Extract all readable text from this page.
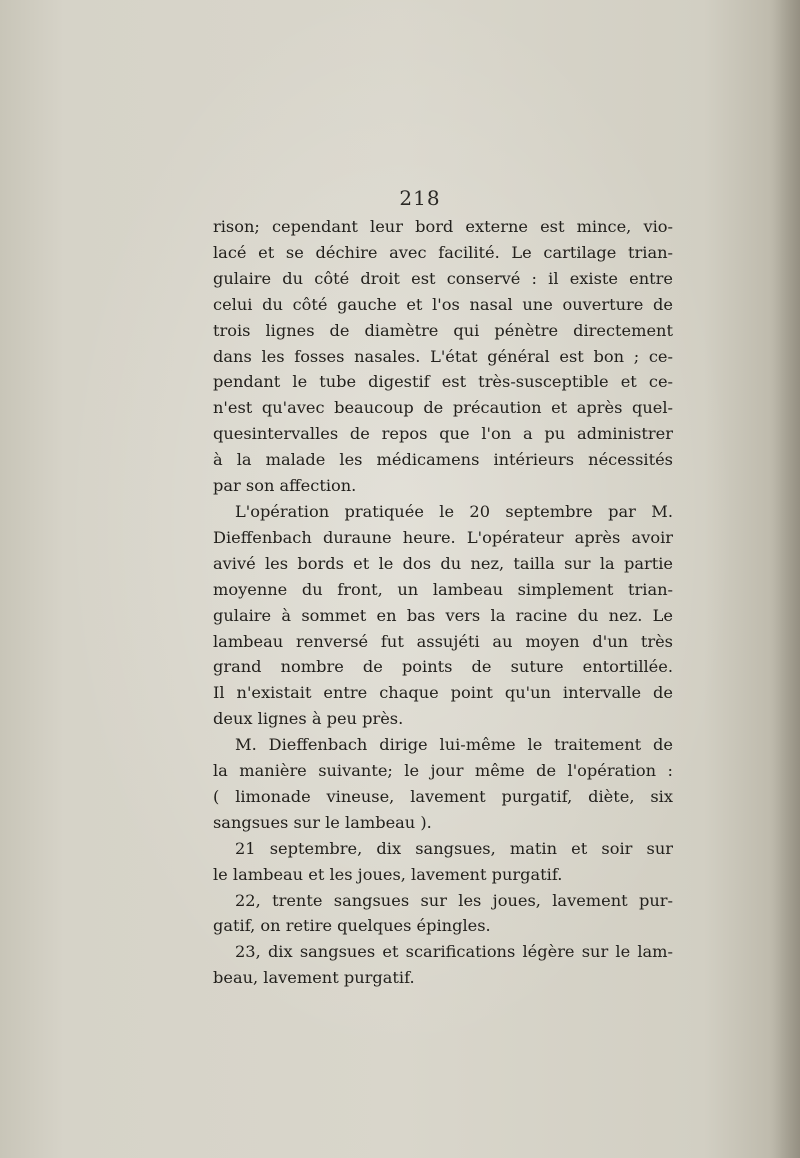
218
rison; cependant leur bord externe est mince, vio-
lacé et se déchire avec facilité. Le cartilage trian-
gulaire du côté droit est conservé : il existe entre
celui du côté gauche et l'os nasal une ouverture de
trois lignes de diamètre qui pénètre directement
dans les fosses nasales. L'état général est bon ; ce-
pendant le tube digestif est très-susceptible et ce-
n'est qu'avec beaucoup de précaution et après quel-
quesintervalles de repos que l'on a pu administrer
à la malade les médicamens intérieurs nécessités
par son affection.
L'opération pratiquée le 20 septembre par M.
Dieffenbach duraune heure. L'opérateur après avoir
avivé les bords et le dos du nez, tailla sur la partie
moyenne du front, un lambeau simplement trian-
gulaire à sommet en bas vers la racine du nez. Le
lambeau renversé fut assujéti au moyen d'un très
grand nombre de points de suture entortillée.
Il n'existait entre chaque point qu'un intervalle de
deux lignes à peu près.
M. Dieffenbach dirige lui-même le traitement de
la manière suivante; le jour même de l'opération :
( limonade vineuse, lavement purgatif, diète, six
sangsues sur le lambeau ).
21 septembre, dix sangsues, matin et soir sur
le lambeau et les joues, lavement purgatif.
22, trente sangsues sur les joues, lavement pur-
gatif, on retire quelques épingles.
23, dix sangsues et scarifications légère sur le lam-
beau, lavement purgatif.
